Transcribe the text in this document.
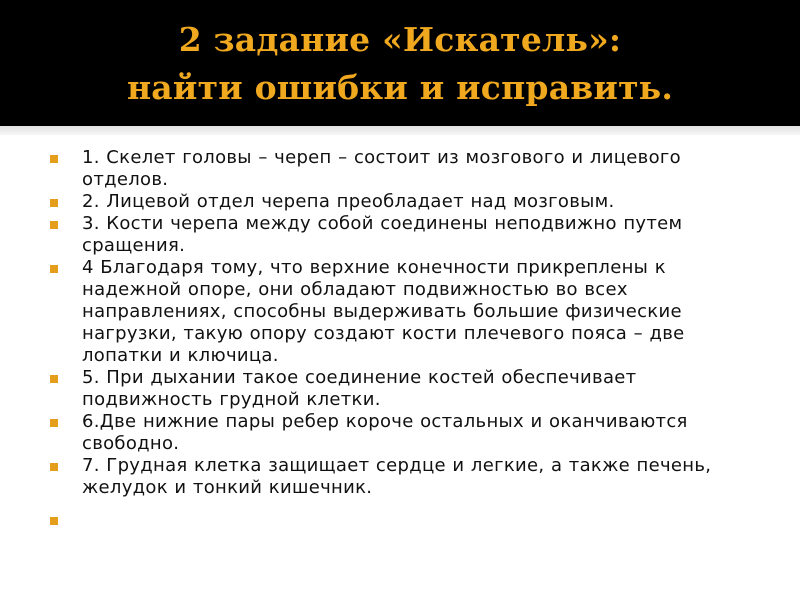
2 задание «Искатель»:
найти ошибки и исправить.
1. Скелет головы – череп – состоит из мозгового и лицевого отделов.
2. Лицевой отдел черепа преобладает над мозговым.
3. Кости черепа между собой соединены неподвижно путем сращения.
4 Благодаря тому, что верхние конечности прикреплены к надежной опоре, они обладают подвижностью во всех направлениях, способны выдерживать большие физические нагрузки, такую опору создают кости плечевого пояса – две лопатки и ключица.
5. При дыхании такое соединение костей обеспечивает подвижность грудной клетки.
6.Две нижние пары ребер короче остальных и оканчиваются свободно.
7. Грудная клетка защищает сердце и легкие, а также печень, желудок и тонкий кишечник.
